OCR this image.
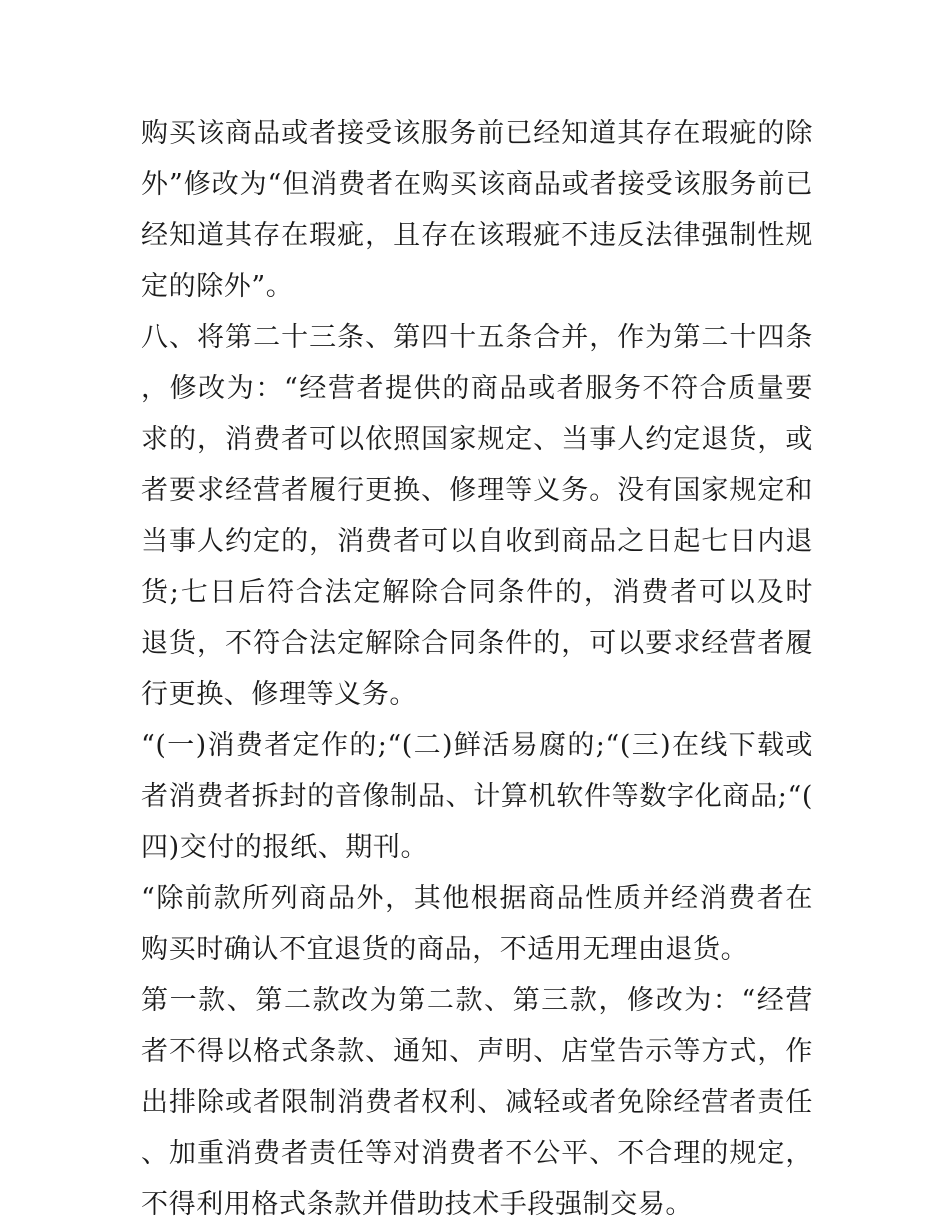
购买该商品或者接受该服务前已经知道其存在瑕疵的除外”修改为“但消费者在购买该商品或者接受该服务前已经知道其存在瑕疵，且存在该瑕疵不违反法律强制性规定的除外”。

八、将第二十三条、第四十五条合并，作为第二十四条，修改为：“经营者提供的商品或者服务不符合质量要求的，消费者可以依照国家规定、当事人约定退货，或者要求经营者履行更换、修理等义务。没有国家规定和当事人约定的，消费者可以自收到商品之日起七日内退货;七日后符合法定解除合同条件的，消费者可以及时退货，不符合法定解除合同条件的，可以要求经营者履行更换、修理等义务。

“(一)消费者定作的;“(二)鲜活易腐的;“(三)在线下载或者消费者拆封的音像制品、计算机软件等数字化商品;“(四)交付的报纸、期刊。

“除前款所列商品外，其他根据商品性质并经消费者在购买时确认不宜退货的商品，不适用无理由退货。

第一款、第二款改为第二款、第三款，修改为：“经营者不得以格式条款、通知、声明、店堂告示等方式，作出排除或者限制消费者权利、减轻或者免除经营者责任、加重消费者责任等对消费者不公平、不合理的规定，不得利用格式条款并借助技术手段强制交易。
